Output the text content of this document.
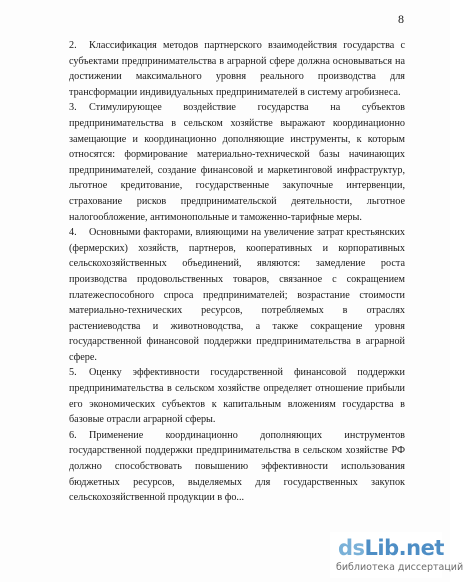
8

2. Классификация методов партнерского взаимодействия государства с субъектами предпринимательства в аграрной сфере должна основываться на достижении максимального уровня реального производства для трансформации индивидуальных предпринимателей в систему агробизнеса.

3. Стимулирующее воздействие государства на субъектов предпринимательства в сельском хозяйстве выражают координационно замещающие и координационно дополняющие инструменты, к которым относятся: формирование материально-технической базы начинающих предпринимателей, создание финансовой и маркетинговой инфраструктур, льготное кредитование, государственные закупочные интервенции, страхование рисков предпринимательской деятельности, льготное налогообложение, антимонопольные и таможенно-тарифные меры.

4. Основными факторами, влияющими на увеличение затрат крестьянских (фермерских) хозяйств, партнеров, кооперативных и корпоративных сельскохозяйственных объединений, являются: замедление роста производства продовольственных товаров, связанное с сокращением платежеспособного спроса предпринимателей; возрастание стоимости материально-технических ресурсов, потребляемых в отраслях растениеводства и животноводства, а также сокращение уровня государственной финансовой поддержки предпринимательства в аграрной сфере.

5. Оценку эффективности государственной финансовой поддержки предпринимательства в сельском хозяйстве определяет отношение прибыли его экономических субъектов к капитальным вложениям государства в базовые отрасли аграрной сферы.

6. Применение координационно дополняющих инструментов государственной поддержки предпринимательства в сельском хозяйстве РФ должно способствовать повышению эффективности использования бюджетных ресурсов, выделяемых для государственных закупок сельскохозяйственной продукции в фо...

dsLib.net
библиотека диссертаций
